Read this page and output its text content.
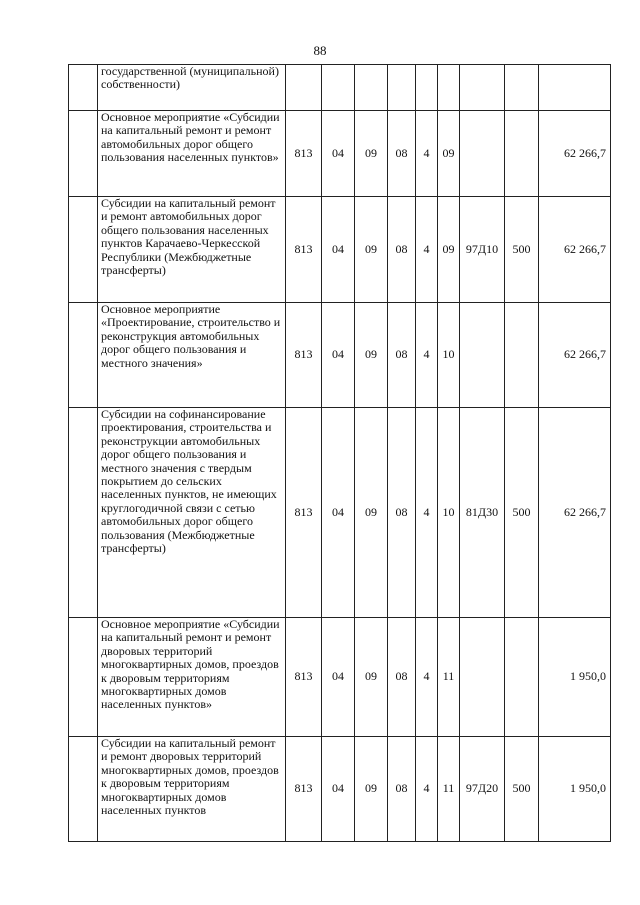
88

	государственной (муниципальной) собственности)									

	Основное мероприятие «Субсидии на капитальный ремонт и ремонт автомобильных дорог общего пользования населенных пунктов»	813	04	09	08	4	09			62 266,7

	Субсидии на капитальный ремонт и ремонт автомобильных дорог общего пользования населенных пунктов Карачаево-Черкесской Республики (Межбюджетные трансферты)	813	04	09	08	4	09	97Д10	500	62 266,7

	Основное мероприятие «Проектирование, строительство и реконструкция автомобильных дорог общего пользования и местного значения»	813	04	09	08	4	10			62 266,7

	Субсидии на софинансирование проектирования, строительства и реконструкции автомобильных дорог общего пользования и местного значения с твердым покрытием до сельских населенных пунктов, не имеющих круглогодичной связи с сетью автомобильных дорог общего пользования (Межбюджетные трансферты)	813	04	09	08	4	10	81Д30	500	62 266,7

	Основное мероприятие «Субсидии на капитальный ремонт и ремонт дворовых территорий многоквартирных домов, проездов к дворовым территориям многоквартирных домов населенных пунктов»	813	04	09	08	4	11			1 950,0

	Субсидии на капитальный ремонт и ремонт дворовых территорий многоквартирных домов, проездов к дворовым территориям многоквартирных домов населенных пунктов	813	04	09	08	4	11	97Д20	500	1 950,0
